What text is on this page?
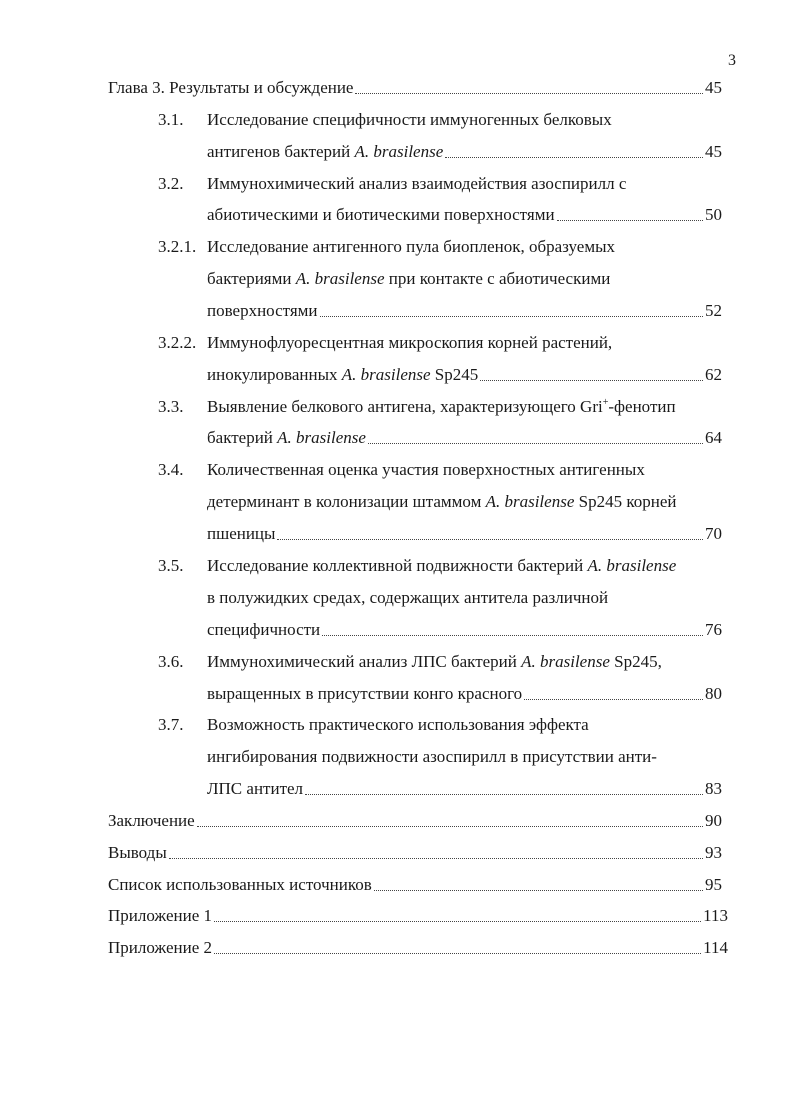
3
Глава 3. Результаты и обсуждение	45
3.1. Исследование специфичности иммуногенных белковых
антигенов бактерий A. brasilense	45
3.2. Иммунохимический анализ взаимодействия азоспирилл с
абиотическими и биотическими поверхностями	50
3.2.1. Исследование антигенного пула биопленок, образуемых
бактериями A. brasilense при контакте с абиотическими
поверхностями	52
3.2.2. Иммунофлуоресцентная микроскопия корней растений,
инокулированных A. brasilense Sp245	62
3.3. Выявление белкового антигена, характеризующего Gri+-фенотип
бактерий A. brasilense	64
3.4. Количественная оценка участия поверхностных антигенных
детерминант в колонизации штаммом A. brasilense Sp245 корней
пшеницы	70
3.5. Исследование коллективной подвижности бактерий A. brasilense
в полужидких средах, содержащих антитела различной
специфичности	76
3.6. Иммунохимический анализ ЛПС бактерий A. brasilense Sp245,
выращенных в присутствии конго красного	80
3.7. Возможность практического использования эффекта
ингибирования подвижности азоспирилл в присутствии анти-
ЛПС антител	83
Заключение	90
Выводы	93
Список использованных источников	95
Приложение 1	113
Приложение 2	114
